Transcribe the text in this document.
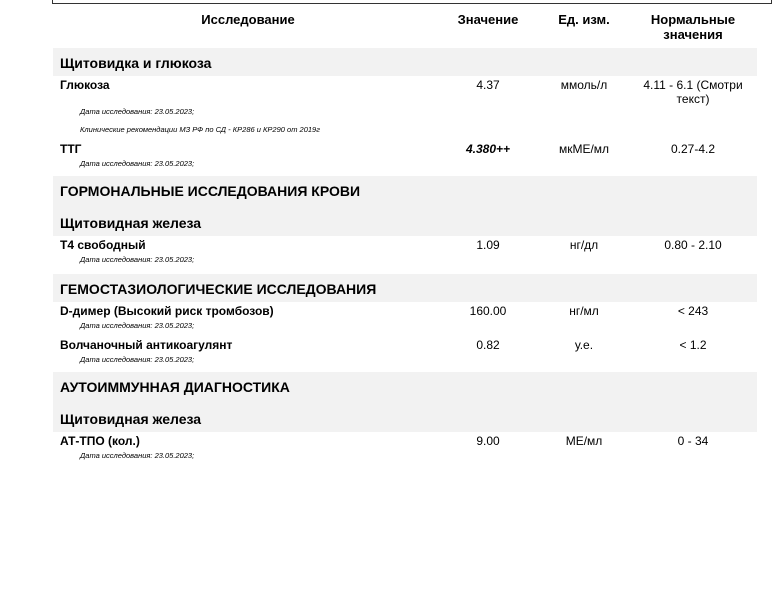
Исследование	Значение	Ед. изм.	Нормальные
значения
Щитовидка и глюкоза
Глюкоза	4.37	ммоль/л	4.11 - 6.1 (Смотри
текст)
Дата исследования: 23.05.2023;
Клинические рекомендации МЗ РФ по СД - КР286 и КР290 от 2019г
ТТГ	4.380++	мкМЕ/мл	0.27-4.2
Дата исследования: 23.05.2023;
ГОРМОНАЛЬНЫЕ ИССЛЕДОВАНИЯ КРОВИ
Щитовидная железа
Т4 свободный	1.09	нг/дл	0.80 - 2.10
Дата исследования: 23.05.2023;
ГЕМОСТАЗИОЛОГИЧЕСКИЕ ИССЛЕДОВАНИЯ
D-димер (Высокий риск тромбозов)	160.00	нг/мл	< 243
Дата исследования: 23.05.2023;
Волчаночный антикоагулянт	0.82	у.е.	< 1.2
Дата исследования: 23.05.2023;
АУТОИММУННАЯ ДИАГНОСТИКА
Щитовидная железа
АТ-ТПО (кол.)	9.00	МЕ/мл	0 - 34
Дата исследования: 23.05.2023;
